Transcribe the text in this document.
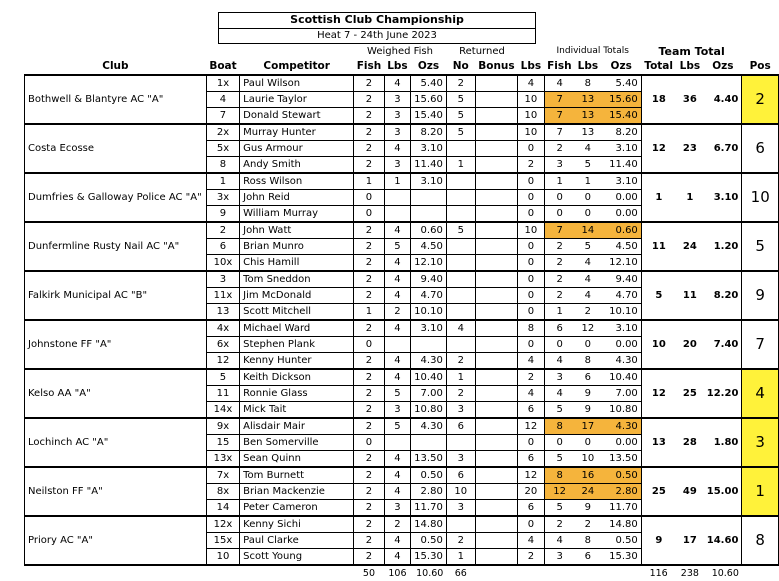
Scottish Club Championship
Heat 7 - 24th June 2023
			Weighed Fish			Returned			Individual Totals			Team Total			
Club	Boat	Competitor	Fish	Lbs	Ozs	No	Bonus	Lbs	Fish	Lbs	Ozs	Total	Lbs	Ozs	Pos
Bothwell & Blantyre AC "A"	1x	Paul Wilson	2	4	5.40	2		4	4	8	5.40	18	36	4.40	2
	4	Laurie Taylor	2	3	15.60	5		10	7	13	15.60				
	7	Donald Stewart	2	3	15.40	5		10	7	13	15.40				
Costa Ecosse	2x	Murray Hunter	2	3	8.20	5		10	7	13	8.20	12	23	6.70	6
	5x	Gus Armour	2	4	3.10			0	2	4	3.10				
	8	Andy Smith	2	3	11.40	1		2	3	5	11.40				
Dumfries & Galloway Police AC "A"	1	Ross Wilson	1	1	3.10			0	1	1	3.10	1	1	3.10	10
	3x	John Reid	0					0	0	0	0.00				
	9	William Murray	0					0	0	0	0.00				
Dunfermline Rusty Nail AC "A"	2	John Watt	2	4	0.60	5		10	7	14	0.60	11	24	1.20	5
	6	Brian Munro	2	5	4.50			0	2	5	4.50				
	10x	Chis Hamill	2	4	12.10			0	2	4	12.10				
Falkirk Municipal AC "B"	3	Tom Sneddon	2	4	9.40			0	2	4	9.40	5	11	8.20	9
	11x	Jim McDonald	2	4	4.70			0	2	4	4.70				
	13	Scott Mitchell	1	2	10.10			0	1	2	10.10				
Johnstone FF "A"	4x	Michael Ward	2	4	3.10	4		8	6	12	3.10	10	20	7.40	7
	6x	Stephen Plank	0					0	0	0	0.00				
	12	Kenny Hunter	2	4	4.30	2		4	4	8	4.30				
Kelso AA "A"	5	Keith Dickson	2	4	10.40	1		2	3	6	10.40	12	25	12.20	4
	11	Ronnie Glass	2	5	7.00	2		4	4	9	7.00				
	14x	Mick Tait	2	3	10.80	3		6	5	9	10.80				
Lochinch AC "A"	9x	Alisdair Mair	2	5	4.30	6		12	8	17	4.30	13	28	1.80	3
	15	Ben Somerville	0					0	0	0	0.00				
	13x	Sean Quinn	2	4	13.50	3		6	5	10	13.50				
Neilston FF "A"	7x	Tom Burnett	2	4	0.50	6		12	8	16	0.50	25	49	15.00	1
	8x	Brian Mackenzie	2	4	2.80	10		20	12	24	2.80				
	14	Peter Cameron	2	3	11.70	3		6	5	9	11.70				
Priory AC "A"	12x	Kenny Sichi	2	2	14.80			0	2	2	14.80	9	17	14.60	8
	15x	Paul Clarke	2	4	0.50	2		4	4	8	0.50				
	10	Scott Young	2	4	15.30	1		2	3	6	15.30				
			50	106	10.60	66						116	238	10.60	
